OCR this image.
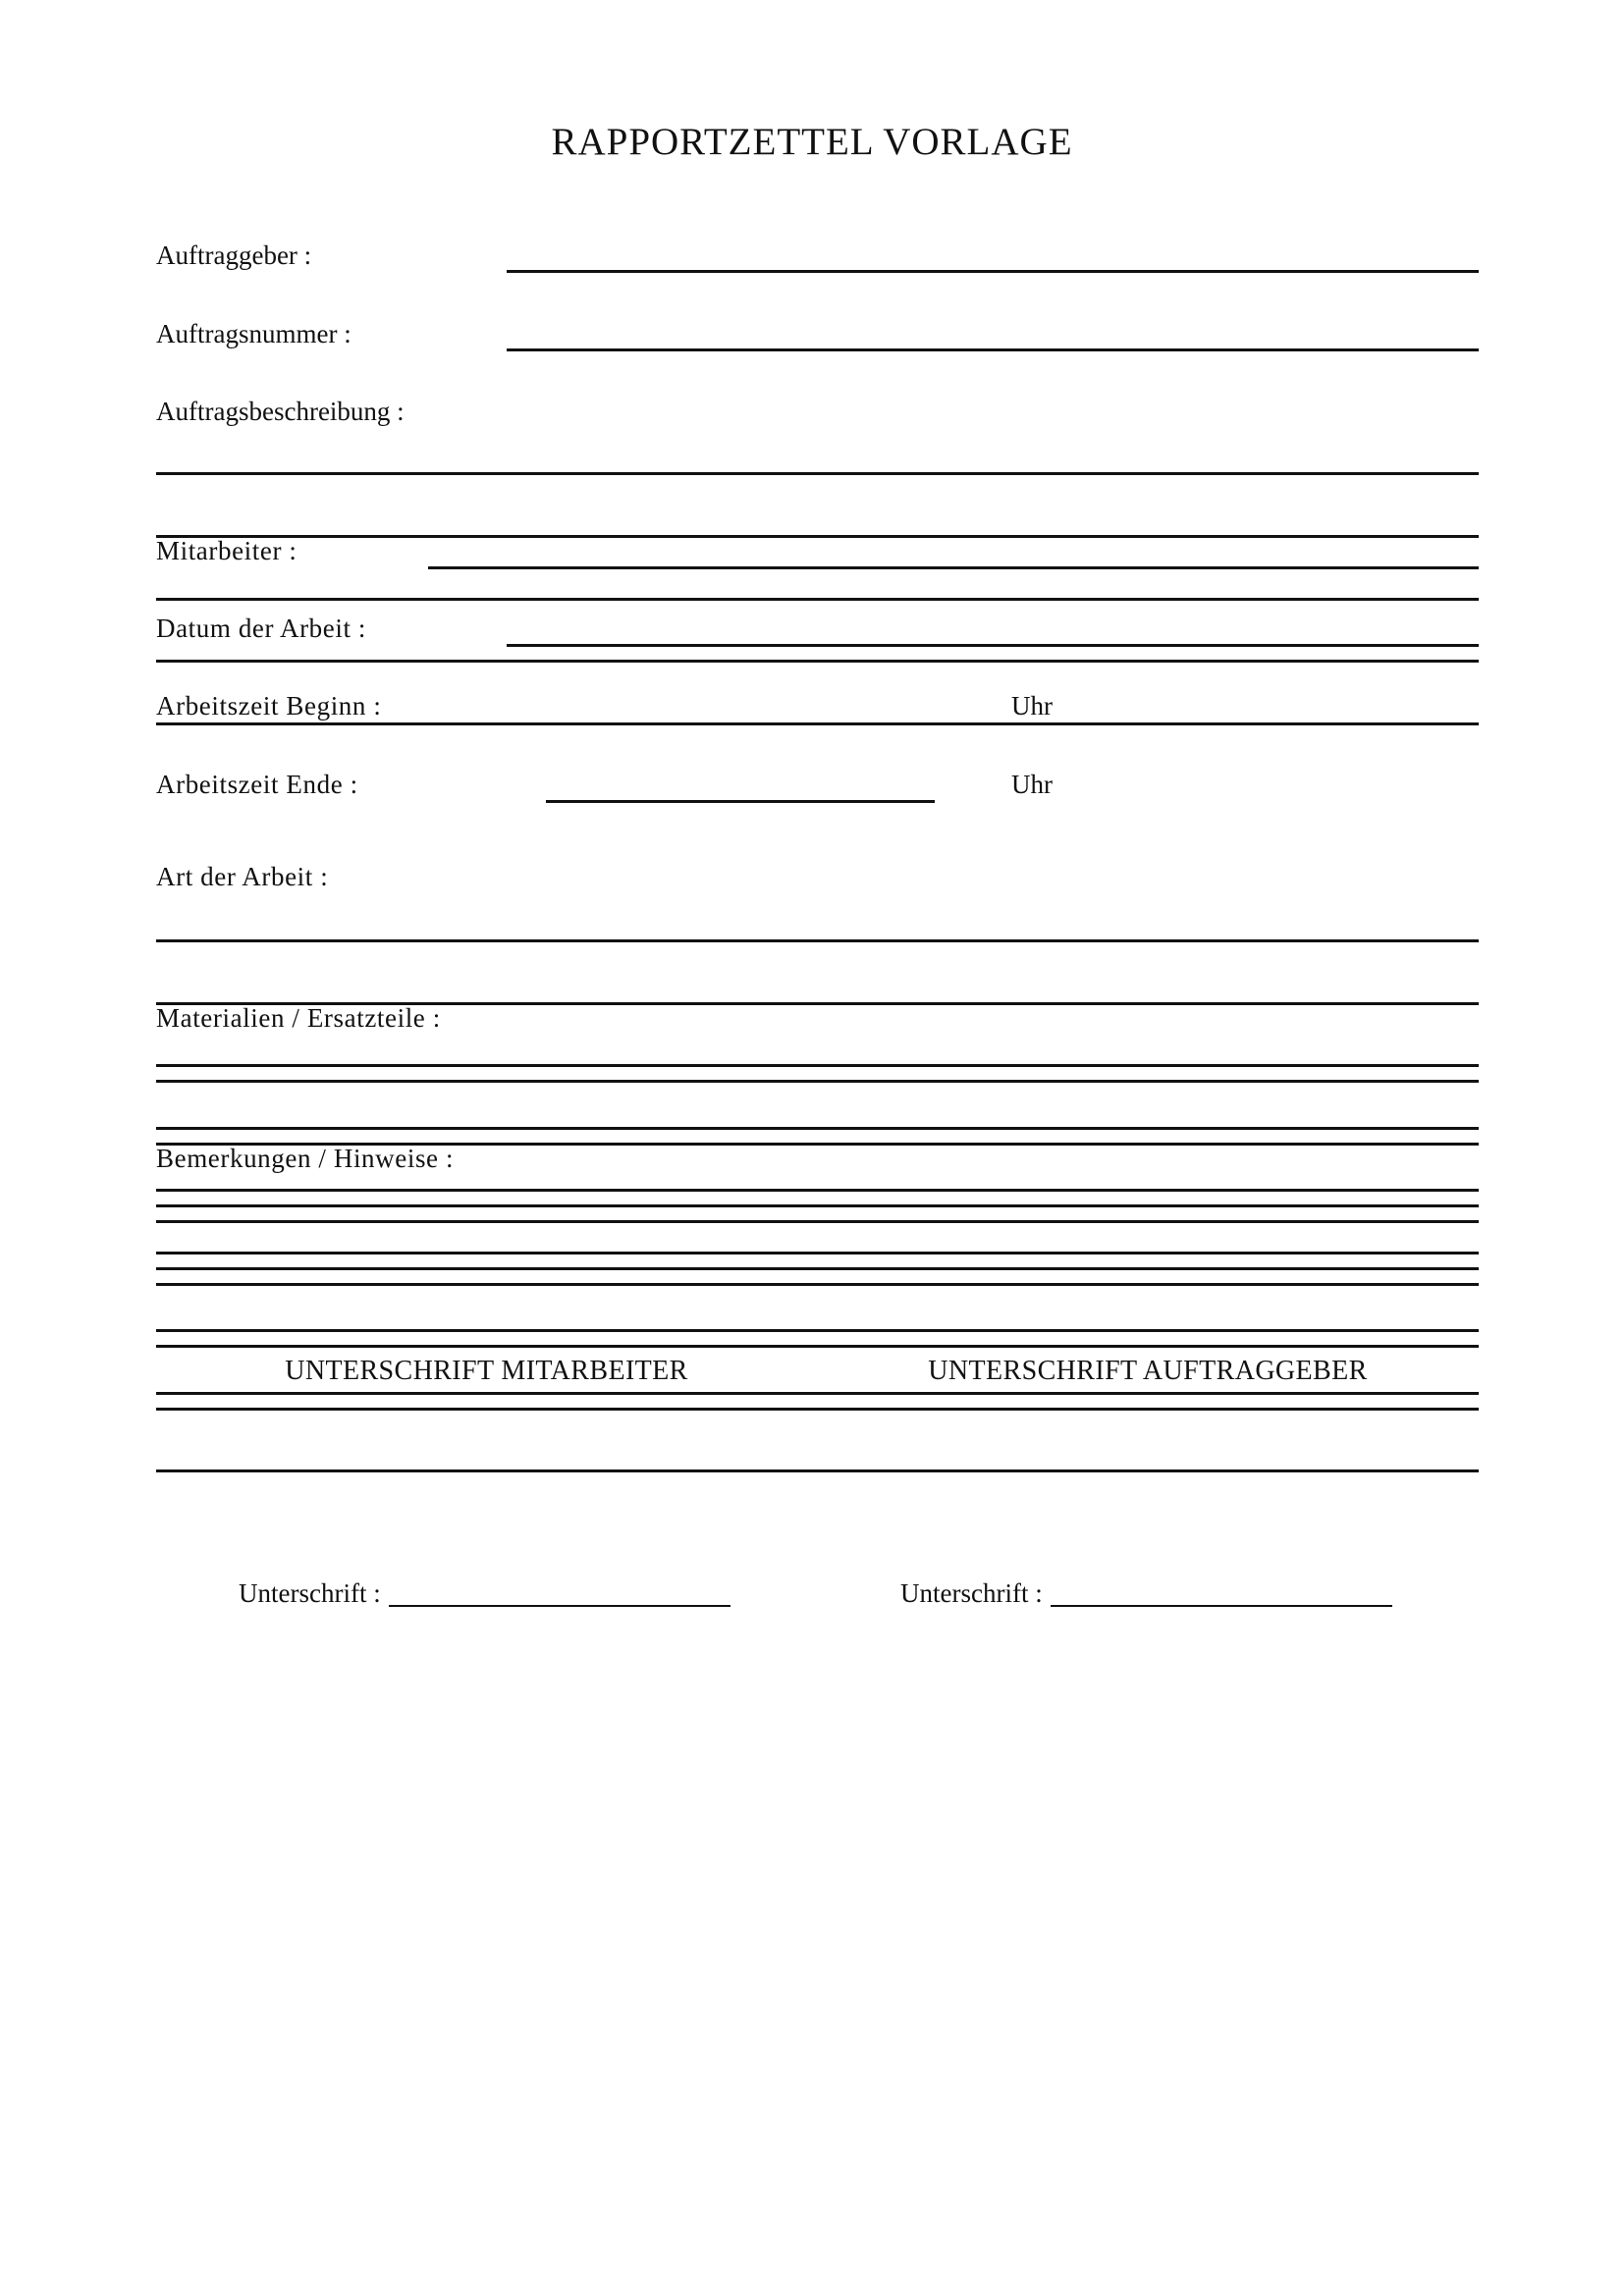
RAPPORTZETTEL VORLAGE
Auftraggeber :
Auftragsnummer :
Auftragsbeschreibung :
Mitarbeiter :
Datum der Arbeit :
Arbeitszeit Beginn :	Uhr
Arbeitszeit Ende :	Uhr
Art der Arbeit :
Materialien / Ersatzteile :
Bemerkungen / Hinweise :
UNTERSCHRIFT MITARBEITER	UNTERSCHRIFT AUFTRAGGEBER
Unterschrift :	Unterschrift :
